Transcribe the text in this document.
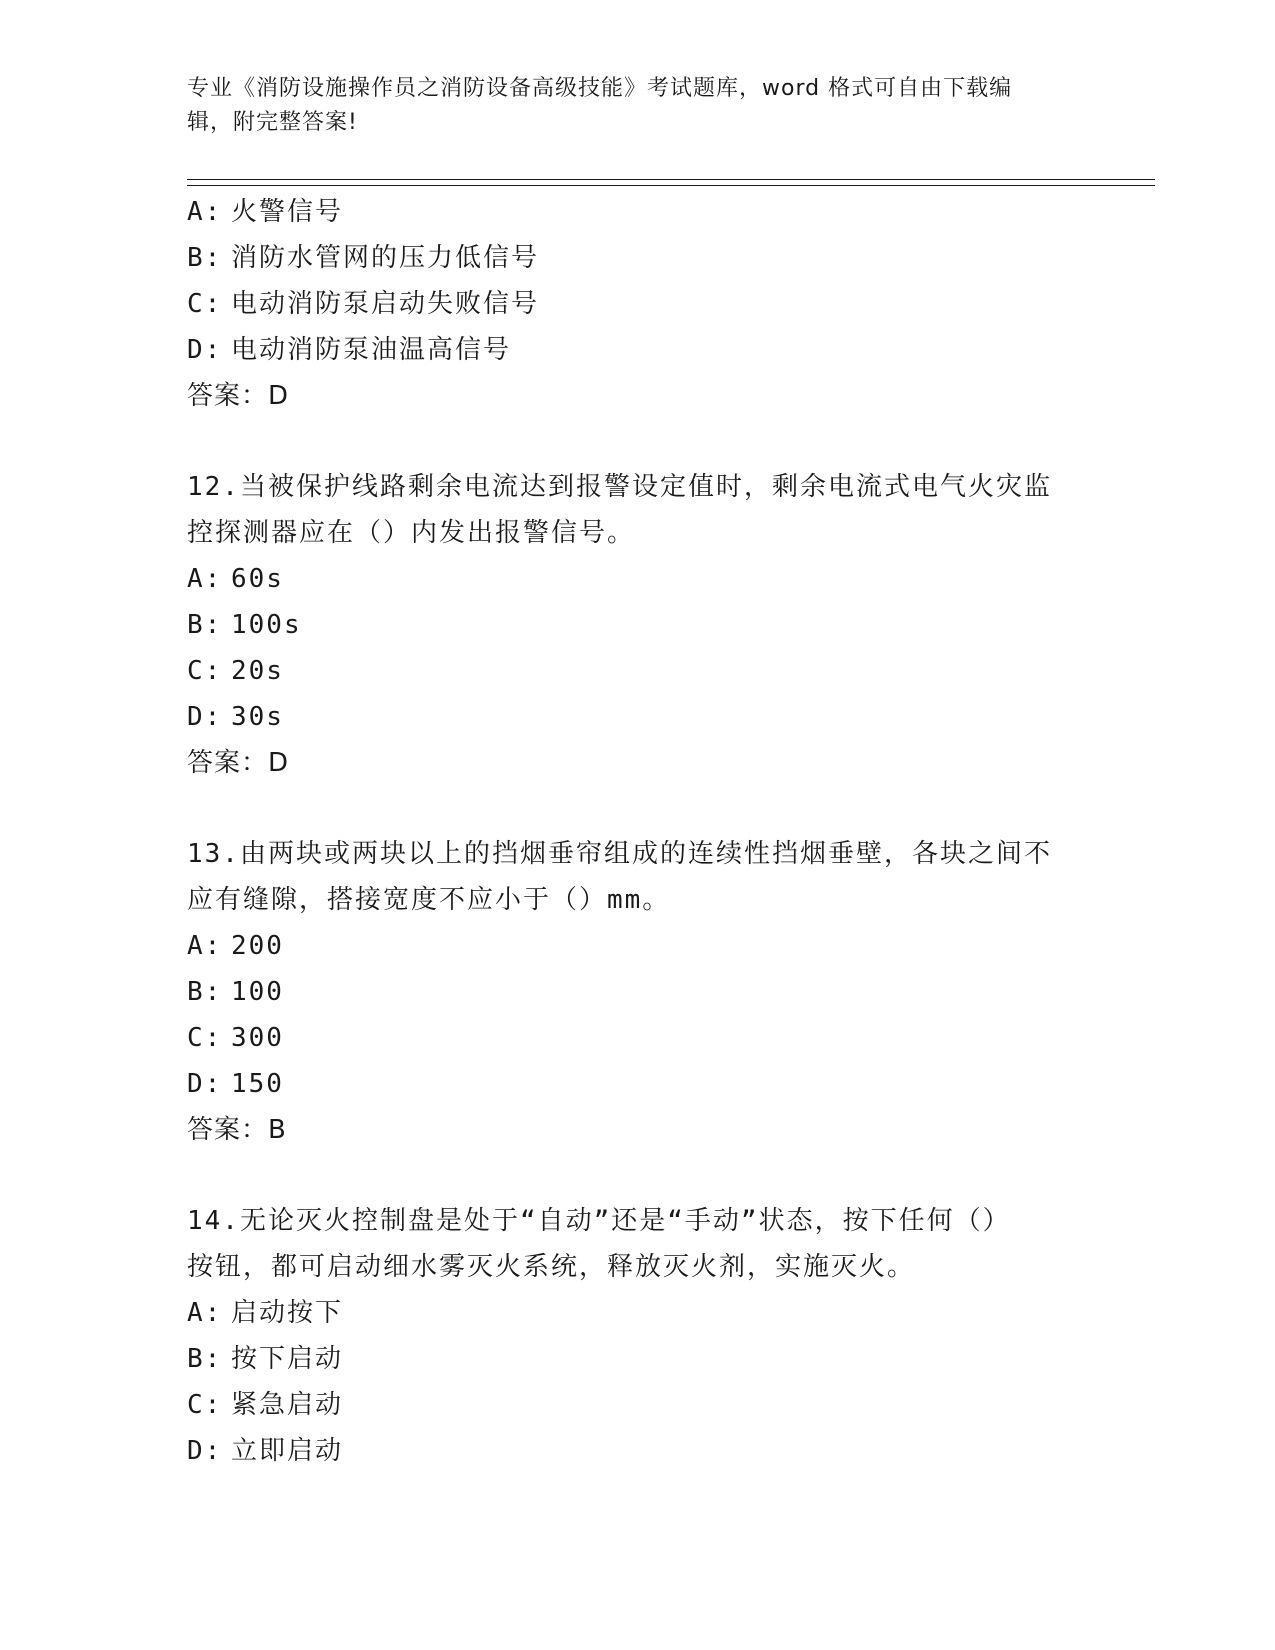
专业《消防设施操作员之消防设备高级技能》考试题库，word 格式可自由下载编
辑，附完整答案!
A: 火警信号
B: 消防水管网的压力低信号
C: 电动消防泵启动失败信号
D: 电动消防泵油温高信号
答案：D
12.当被保护线路剩余电流达到报警设定值时，剩余电流式电气火灾监
控探测器应在（）内发出报警信号。
A: 60s
B: 100s
C: 20s
D: 30s
答案：D
13.由两块或两块以上的挡烟垂帘组成的连续性挡烟垂壁，各块之间不
应有缝隙，搭接宽度不应小于（）mm。
A: 200
B: 100
C: 300
D: 150
答案：B
14.无论灭火控制盘是处于“自动”还是“手动”状态，按下任何（）
按钮，都可启动细水雾灭火系统，释放灭火剂，实施灭火。
A: 启动按下
B: 按下启动
C: 紧急启动
D: 立即启动
